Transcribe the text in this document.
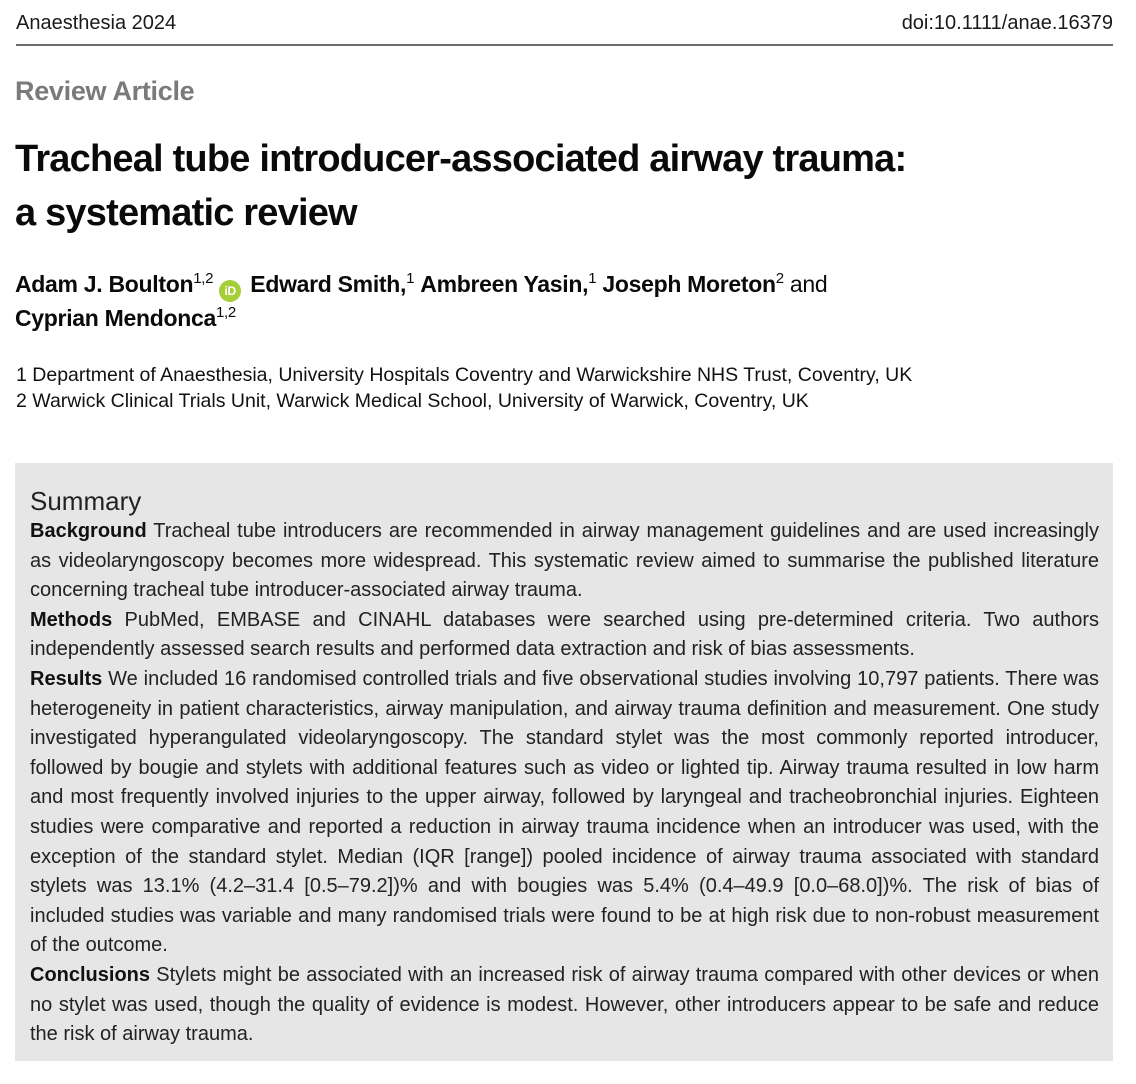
Anaesthesia 2024	doi:10.1111/anae.16379
Review Article
Tracheal tube introducer-associated airway trauma:
a systematic review
Adam J. Boulton$^{1,2}$iD Edward Smith,$^1$ Ambreen Yasin,$^1$ Joseph Moreton$^2$ and
Cyprian Mendonca$^{1,2}$
1 Department of Anaesthesia, University Hospitals Coventry and Warwickshire NHS Trust, Coventry, UK
2 Warwick Clinical Trials Unit, Warwick Medical School, University of Warwick, Coventry, UK
Summary

Background Tracheal tube introducers are recommended in airway management guidelines and are used increasingly as videolaryngoscopy becomes more widespread. This systematic review aimed to summarise the published literature concerning tracheal tube introducer-associated airway trauma.

Methods PubMed, EMBASE and CINAHL databases were searched using pre-determined criteria. Two authors independently assessed search results and performed data extraction and risk of bias assessments.

Results We included 16 randomised controlled trials and five observational studies involving 10,797 patients. There was heterogeneity in patient characteristics, airway manipulation, and airway trauma definition and measurement. One study investigated hyperangulated videolaryngoscopy. The standard stylet was the most commonly reported introducer, followed by bougie and stylets with additional features such as video or lighted tip. Airway trauma resulted in low harm and most frequently involved injuries to the upper airway, followed by laryngeal and tracheobronchial injuries. Eighteen studies were comparative and reported a reduction in airway trauma incidence when an introducer was used, with the exception of the standard stylet. Median (IQR [range]) pooled incidence of airway trauma associated with standard stylets was 13.1% (4.2–31.4 [0.5–79.2])% and with bougies was 5.4% (0.4–49.9 [0.0–68.0])%. The risk of bias of included studies was variable and many randomised trials were found to be at high risk due to non-robust measurement of the outcome.

Conclusions Stylets might be associated with an increased risk of airway trauma compared with other devices or when no stylet was used, though the quality of evidence is modest. However, other introducers appear to be safe and reduce the risk of airway trauma.
